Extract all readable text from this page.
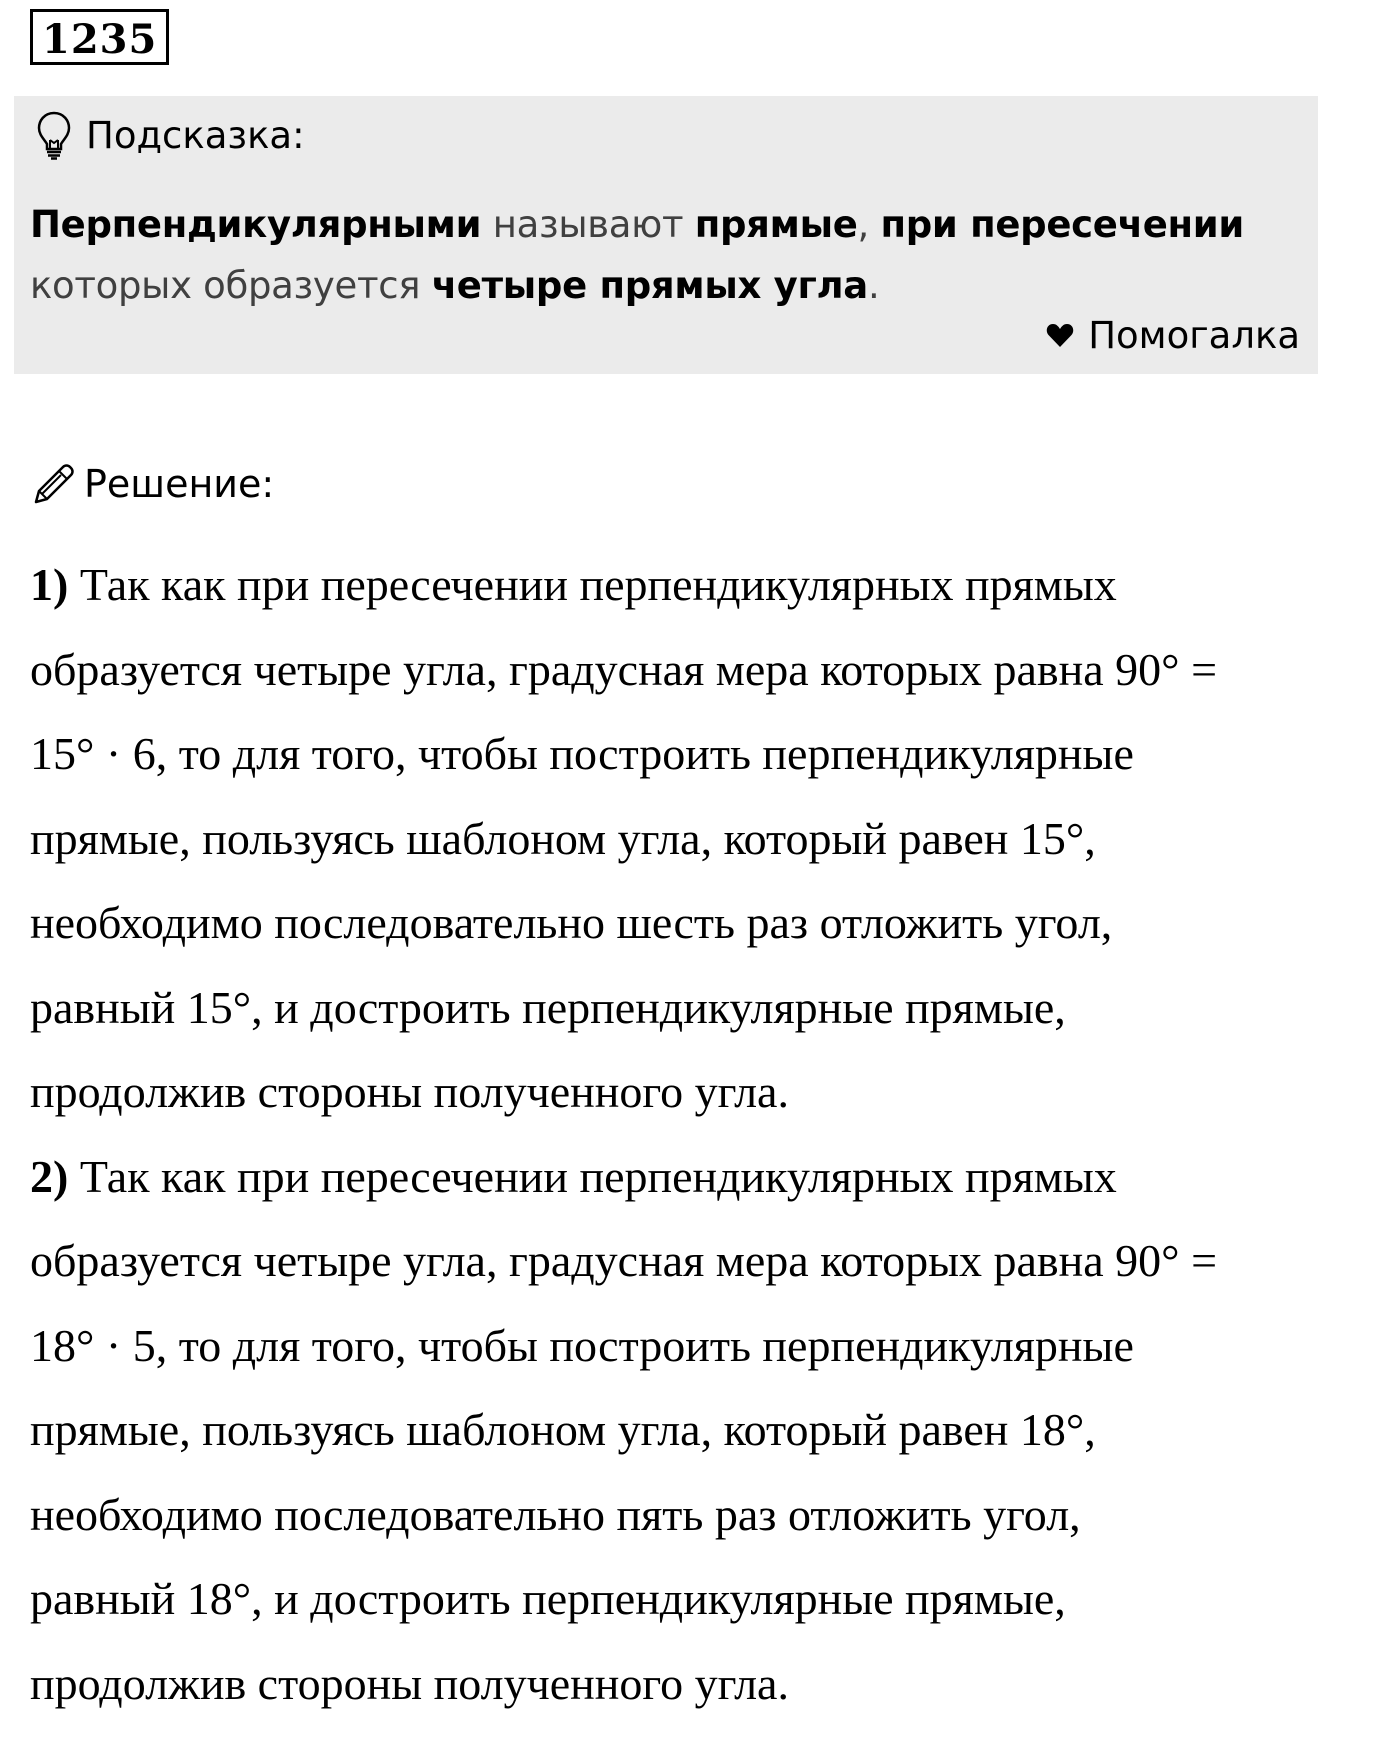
1235
Подсказка:
Перпендикулярными называют прямые, при пересечении которых образуется четыре прямых угла.
Помогалка
Решение:

1) Так как при пересечении перпендикулярных прямых

образуется четыре угла, градусная мера которых равна 90° =

15° · 6, то для того, чтобы построить перпендикулярные

прямые, пользуясь шаблоном угла, который равен 15°,

необходимо последовательно шесть раз отложить угол,

равный 15°, и достроить перпендикулярные прямые,

продолжив стороны полученного угла.

2) Так как при пересечении перпендикулярных прямых

образуется четыре угла, градусная мера которых равна 90° =

18° · 5, то для того, чтобы построить перпендикулярные

прямые, пользуясь шаблоном угла, который равен 18°,

необходимо последовательно пять раз отложить угол,

равный 18°, и достроить перпендикулярные прямые,

продолжив стороны полученного угла.
